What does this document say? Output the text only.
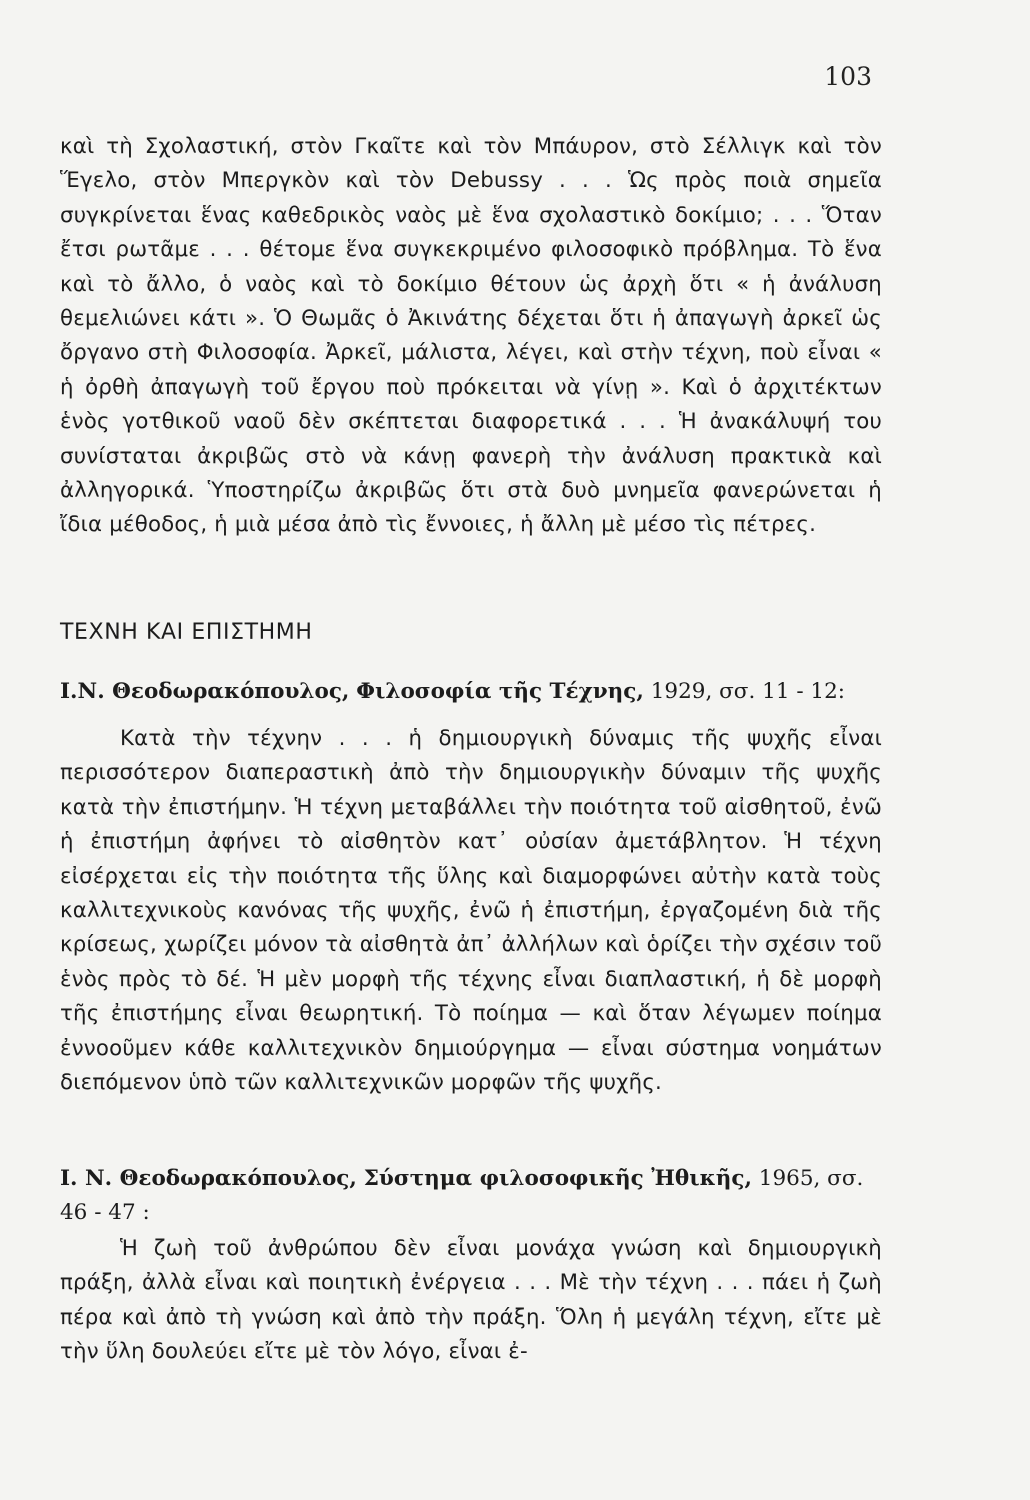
103

καὶ τὴ Σχολαστική, στὸν Γκαῖτε καὶ τὸν Μπάυρον, στὸ Σέλλιγκ καὶ τὸν Ἕγελο, στὸν Μπεργκὸν καὶ τὸν Debussy . . . Ὡς πρὸς ποιὰ σημεῖα συγκρίνεται ἕνας καθεδρικὸς ναὸς μὲ ἕνα σχολαστικὸ δοκίμιο; . . . Ὅταν ἔτσι ρωτᾶμε . . . θέτομε ἕνα συγκεκριμένο φιλοσοφικὸ πρόβλημα. Τὸ ἕνα καὶ τὸ ἄλλο, ὁ ναὸς καὶ τὸ δοκίμιο θέτουν ὡς ἀρχὴ ὅτι « ἡ ἀνάλυση θεμελιώνει κάτι ». Ὁ Θωμᾶς ὁ Ἀκινάτης δέχεται ὅτι ἡ ἀπαγωγὴ ἀρκεῖ ὡς ὄργανο στὴ Φιλοσοφία. Ἀρκεῖ, μάλιστα, λέγει, καὶ στὴν τέχνη, ποὺ εἶναι « ἡ ὀρθὴ ἀπαγωγὴ τοῦ ἔργου ποὺ πρόκειται νὰ γίνῃ ». Καὶ ὁ ἀρχιτέκτων ἑνὸς γοτθικοῦ ναοῦ δὲν σκέπτεται διαφορετικά . . . Ἡ ἀνακάλυψή του συνίσταται ἀκριβῶς στὸ νὰ κάνῃ φανερὴ τὴν ἀνάλυση πρακτικὰ καὶ ἀλληγορικά. Ὑποστηρίζω ἀκριβῶς ὅτι στὰ δυὸ μνημεῖα φανερώνεται ἡ ἴδια μέθοδος, ἡ μιὰ μέσα ἀπὸ τὶς ἔννοιες, ἡ ἄλλη μὲ μέσο τὶς πέτρες.

ΤΕΧΝΗ ΚΑΙ ΕΠΙΣΤΗΜΗ

Ι.Ν. Θεοδωρακόπουλος, Φιλοσοφία τῆς Τέχνης, 1929, σσ. 11 - 12:

Κατὰ τὴν τέχνην . . . ἡ δημιουργικὴ δύναμις τῆς ψυχῆς εἶναι περισσότερον διαπεραστικὴ ἀπὸ τὴν δημιουργικὴν δύναμιν τῆς ψυχῆς κατὰ τὴν ἐπιστήμην. Ἡ τέχνη μεταβάλλει τὴν ποιότητα τοῦ αἰσθητοῦ, ἐνῶ ἡ ἐπιστήμη ἀφήνει τὸ αἰσθητὸν κατ᾽ οὐσίαν ἀμετάβλητον. Ἡ τέχνη εἰσέρχεται εἰς τὴν ποιότητα τῆς ὕλης καὶ διαμορφώνει αὐτὴν κατὰ τοὺς καλλιτεχνικοὺς κανόνας τῆς ψυχῆς, ἐνῶ ἡ ἐπιστήμη, ἐργαζομένη διὰ τῆς κρίσεως, χωρίζει μόνον τὰ αἰσθητὰ ἀπ᾽ ἀλλήλων καὶ ὁρίζει τὴν σχέσιν τοῦ ἑνὸς πρὸς τὸ δέ. Ἡ μὲν μορφὴ τῆς τέχνης εἶναι διαπλαστική, ἡ δὲ μορφὴ τῆς ἐπιστήμης εἶναι θεωρητική. Τὸ ποίημα — καὶ ὅταν λέγωμεν ποίημα ἐννοοῦμεν κάθε καλλιτεχνικὸν δημιούργημα — εἶναι σύστημα νοημάτων διεπόμενον ὑπὸ τῶν καλλιτεχνικῶν μορφῶν τῆς ψυχῆς.

Ι. Ν. Θεοδωρακόπουλος, Σύστημα φιλοσοφικῆς Ἠθικῆς, 1965, σσ. 46 - 47 :

Ἡ ζωὴ τοῦ ἀνθρώπου δὲν εἶναι μονάχα γνώση καὶ δημιουργικὴ πράξη, ἀλλὰ εἶναι καὶ ποιητικὴ ἐνέργεια . . . Μὲ τὴν τέχνη . . . πάει ἡ ζωὴ πέρα καὶ ἀπὸ τὴ γνώση καὶ ἀπὸ τὴν πράξη. Ὅλη ἡ μεγάλη τέχνη, εἴτε μὲ τὴν ὕλη δουλεύει εἴτε μὲ τὸν λόγο, εἶναι ἐ-
